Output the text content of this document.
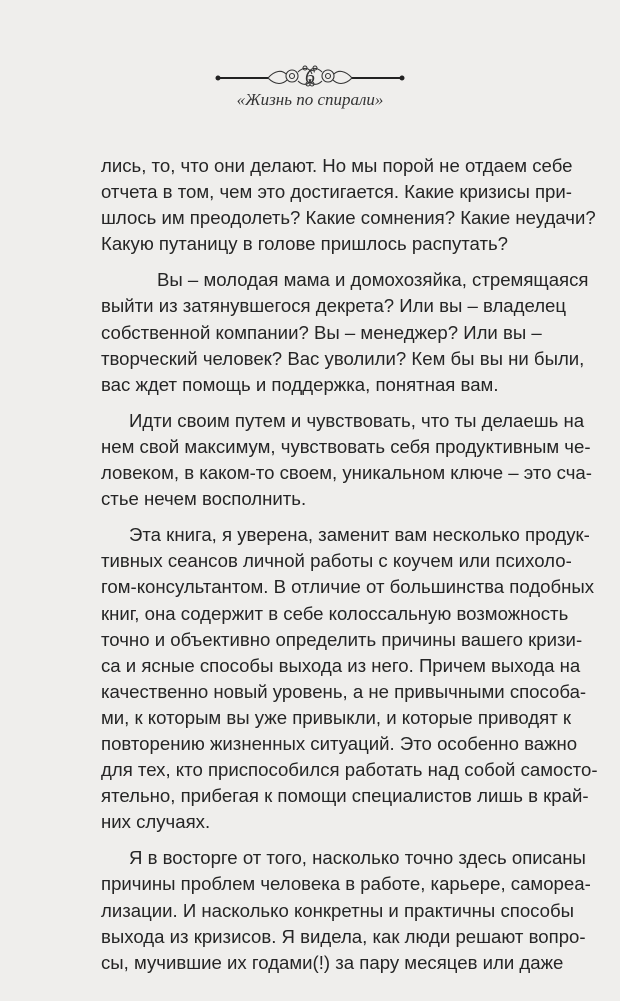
6
«Жизнь по спирали»
лись, то, что они делают. Но мы порой не отдаем себе
отчета в том, чем это достигается. Какие кризисы при-
шлось им преодолеть? Какие сомнения? Какие неудачи?
Какую путаницу в голове пришлось распутать?
Вы – молодая мама и домохозяйка, стремящаяся
выйти из затянувшегося декрета? Или вы – владелец
собственной компании? Вы – менеджер? Или вы –
творческий человек? Вас уволили? Кем бы вы ни были,
вас ждет помощь и поддержка, понятная вам.
Идти своим путем и чувствовать, что ты делаешь на
нем свой максимум, чувствовать себя продуктивным че-
ловеком, в каком-то своем, уникальном ключе – это сча-
стье нечем восполнить.
Эта книга, я уверена, заменит вам несколько продук-
тивных сеансов личной работы с коучем или психоло-
гом-консультантом. В отличие от большинства подобных
книг, она содержит в себе колоссальную возможность
точно и объективно определить причины вашего кризи-
са и ясные способы выхода из него. Причем выхода на
качественно новый уровень, а не привычными способа-
ми, к которым вы уже привыкли, и которые приводят к
повторению жизненных ситуаций. Это особенно важно
для тех, кто приспособился работать над собой самосто-
ятельно, прибегая к помощи специалистов лишь в край-
них случаях.
Я в восторге от того, насколько точно здесь описаны
причины проблем человека в работе, карьере, самореа-
лизации. И насколько конкретны и практичны способы
выхода из кризисов. Я видела, как люди решают вопро-
сы, мучившие их годами(!) за пару месяцев или даже
